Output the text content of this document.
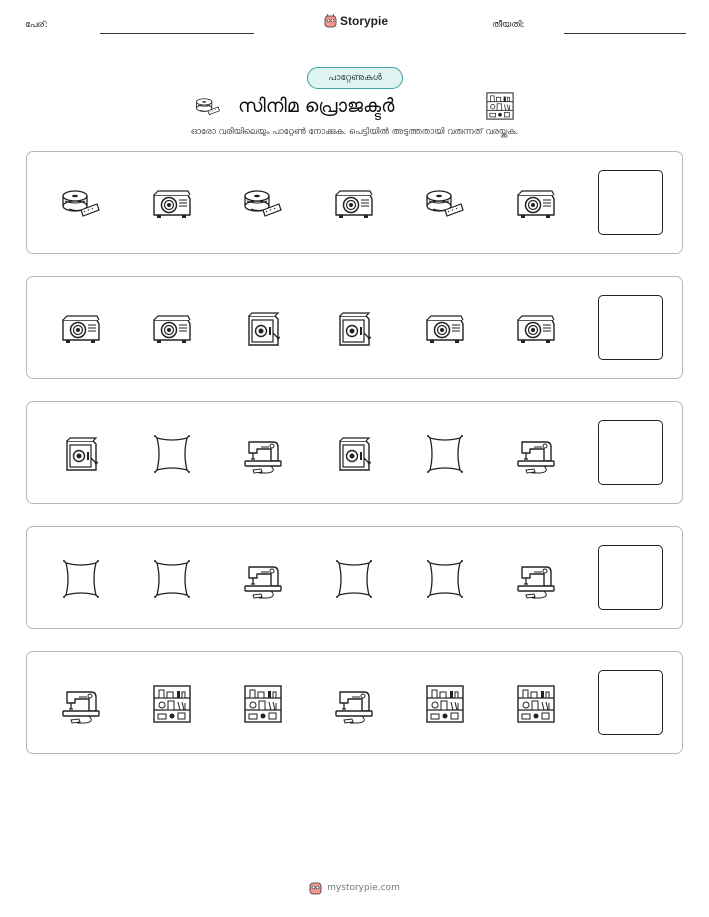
പേര്:	Storypie	തീയതി:
പാറ്റേണുകൾ
സിനിമ പ്രൊജക്ടർ
ഓരോ വരിയിലെയും പാറ്റേൺ നോക്കുക. പെട്ടിയിൽ അടുത്തതായി വരുന്നത് വരയ്ക്കുക.
mystorypie.com
